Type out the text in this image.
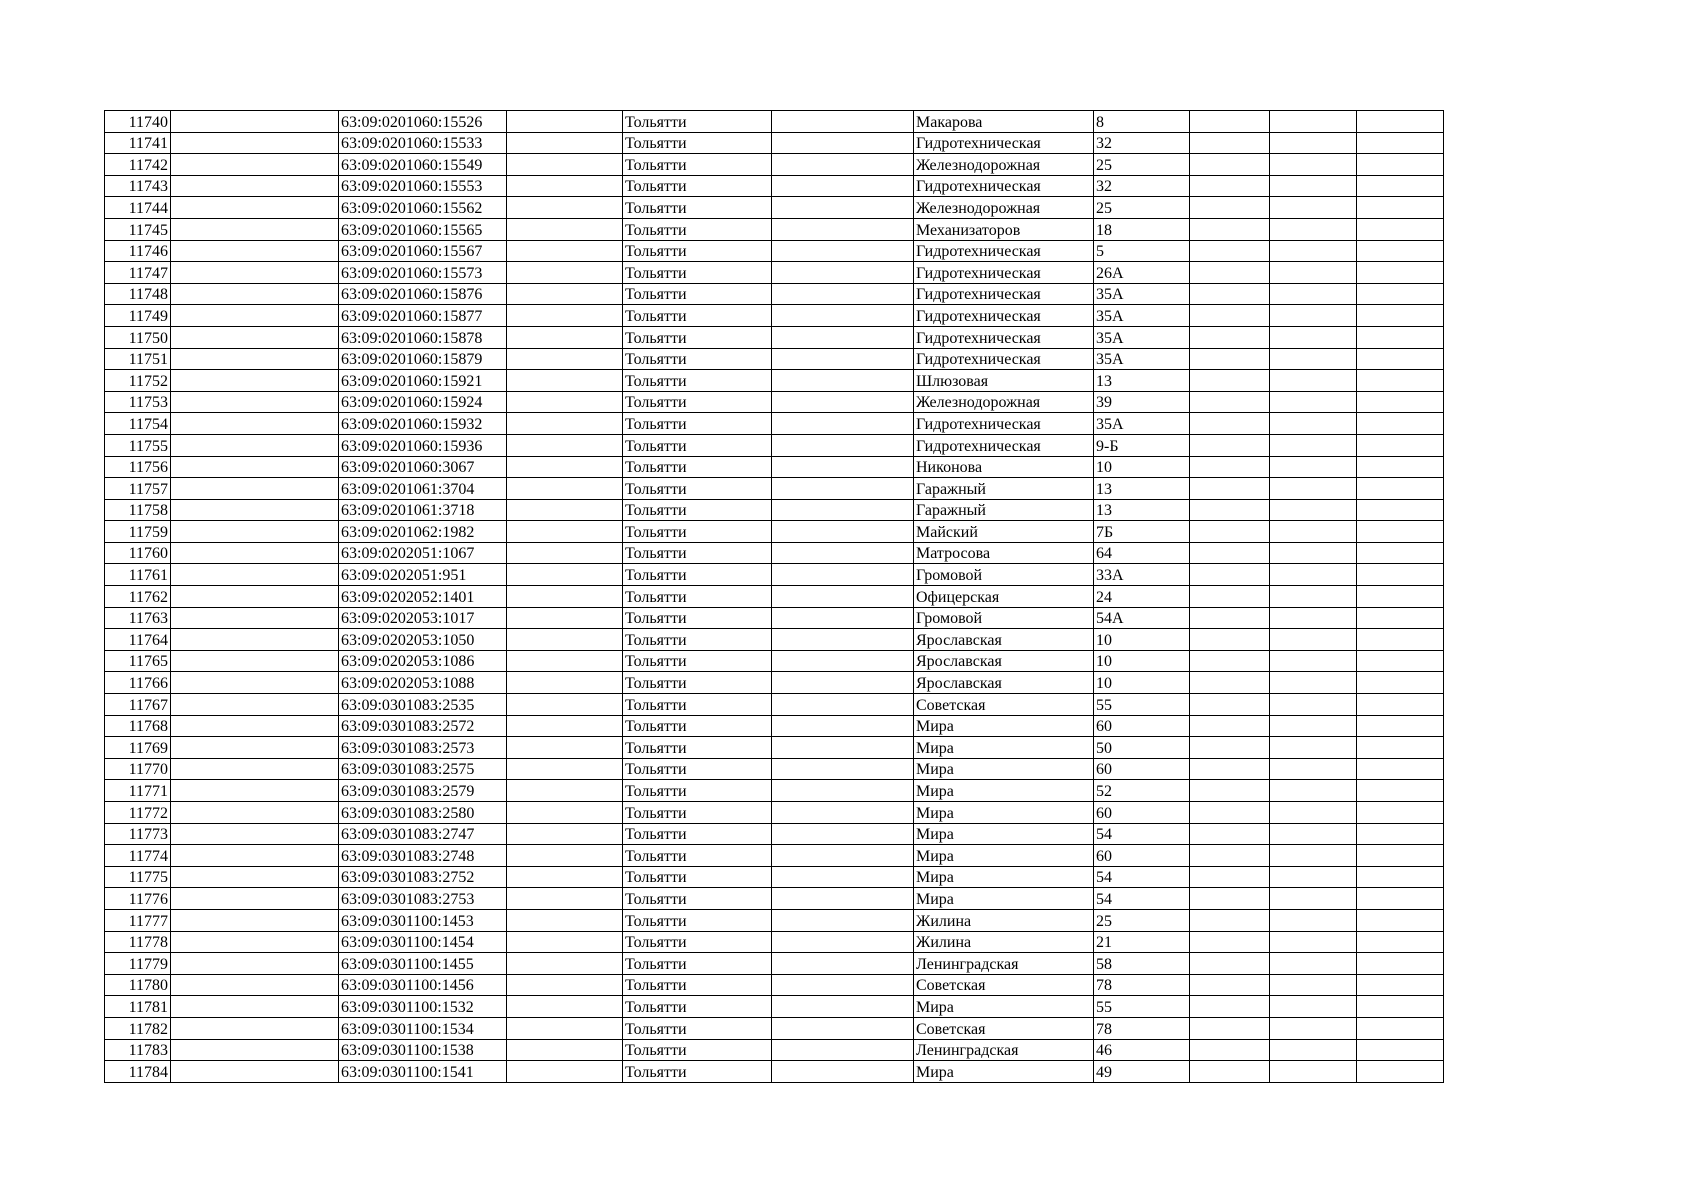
11740		63:09:0201060:15526		Тольятти		Макарова	8			
11741		63:09:0201060:15533		Тольятти		Гидротехническая	32			
11742		63:09:0201060:15549		Тольятти		Железнодорожная	25			
11743		63:09:0201060:15553		Тольятти		Гидротехническая	32			
11744		63:09:0201060:15562		Тольятти		Железнодорожная	25			
11745		63:09:0201060:15565		Тольятти		Механизаторов	18			
11746		63:09:0201060:15567		Тольятти		Гидротехническая	5			
11747		63:09:0201060:15573		Тольятти		Гидротехническая	26А			
11748		63:09:0201060:15876		Тольятти		Гидротехническая	35А			
11749		63:09:0201060:15877		Тольятти		Гидротехническая	35А			
11750		63:09:0201060:15878		Тольятти		Гидротехническая	35А			
11751		63:09:0201060:15879		Тольятти		Гидротехническая	35А			
11752		63:09:0201060:15921		Тольятти		Шлюзовая	13			
11753		63:09:0201060:15924		Тольятти		Железнодорожная	39			
11754		63:09:0201060:15932		Тольятти		Гидротехническая	35А			
11755		63:09:0201060:15936		Тольятти		Гидротехническая	9-Б			
11756		63:09:0201060:3067		Тольятти		Никонова	10			
11757		63:09:0201061:3704		Тольятти		Гаражный	13			
11758		63:09:0201061:3718		Тольятти		Гаражный	13			
11759		63:09:0201062:1982		Тольятти		Майский	7Б			
11760		63:09:0202051:1067		Тольятти		Матросова	64			
11761		63:09:0202051:951		Тольятти		Громовой	33А			
11762		63:09:0202052:1401		Тольятти		Офицерская	24			
11763		63:09:0202053:1017		Тольятти		Громовой	54А			
11764		63:09:0202053:1050		Тольятти		Ярославская	10			
11765		63:09:0202053:1086		Тольятти		Ярославская	10			
11766		63:09:0202053:1088		Тольятти		Ярославская	10			
11767		63:09:0301083:2535		Тольятти		Советская	55			
11768		63:09:0301083:2572		Тольятти		Мира	60			
11769		63:09:0301083:2573		Тольятти		Мира	50			
11770		63:09:0301083:2575		Тольятти		Мира	60			
11771		63:09:0301083:2579		Тольятти		Мира	52			
11772		63:09:0301083:2580		Тольятти		Мира	60			
11773		63:09:0301083:2747		Тольятти		Мира	54			
11774		63:09:0301083:2748		Тольятти		Мира	60			
11775		63:09:0301083:2752		Тольятти		Мира	54			
11776		63:09:0301083:2753		Тольятти		Мира	54			
11777		63:09:0301100:1453		Тольятти		Жилина	25			
11778		63:09:0301100:1454		Тольятти		Жилина	21			
11779		63:09:0301100:1455		Тольятти		Ленинградская	58			
11780		63:09:0301100:1456		Тольятти		Советская	78			
11781		63:09:0301100:1532		Тольятти		Мира	55			
11782		63:09:0301100:1534		Тольятти		Советская	78			
11783		63:09:0301100:1538		Тольятти		Ленинградская	46			
11784		63:09:0301100:1541		Тольятти		Мира	49			
